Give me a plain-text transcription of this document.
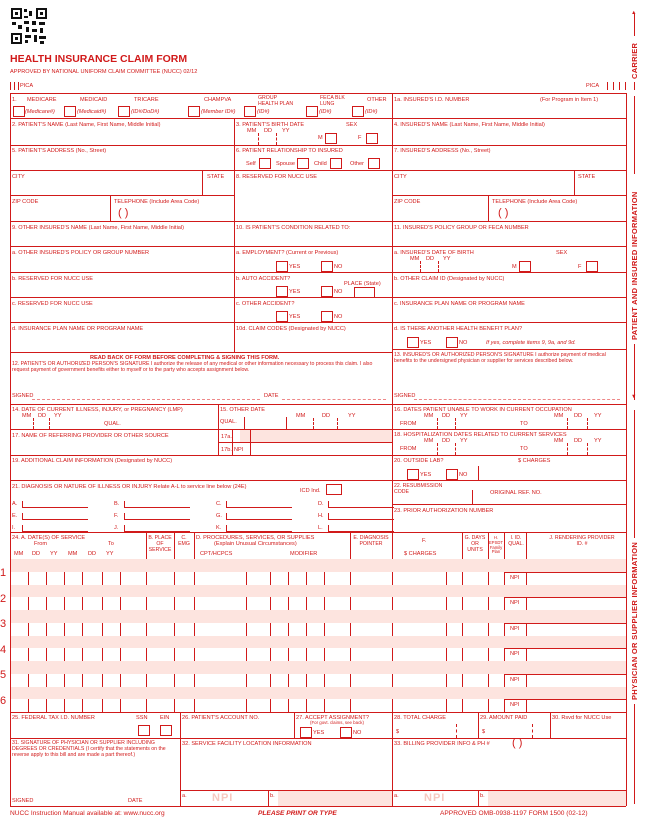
HEALTH INSURANCE CLAIM FORM
APPROVED BY NATIONAL UNIFORM CLAIM COMMITTEE (NUCC) 02/12
PICA	PICA
CARRIER
▲
PATIENT AND INSURED INFORMATION
▼
PHYSICIAN OR SUPPLIER INFORMATION
1. MEDICARE
(Medicare#)
MEDICAID
(Medicaid#)
TRICARE
(ID#/DoD#)
CHAMPVA
(Member ID#)
GROUP HEALTH PLAN
(ID#)
FECA BLK LUNG
(ID#)
OTHER
(ID#)
1a. INSURED'S I.D. NUMBER	(For Program in Item 1)
2. PATIENT'S NAME (Last Name, First Name, Middle Initial)	3. PATIENT'S BIRTH DATE
MM DD YY
SEX
M	F
4. INSURED'S NAME (Last Name, First Name, Middle Initial)
5. PATIENT'S ADDRESS (No., Street)	6. PATIENT RELATIONSHIP TO INSURED
Self	Spouse	Child	Other
7. INSURED'S ADDRESS (No., Street)
CITY	STATE 8. RESERVED FOR NUCC USE	CITY	STATE
ZIP CODE	TELEPHONE (Include Area Code)
( )
ZIP CODE	TELEPHONE (Include Area Code)
( )
9. OTHER INSURED'S NAME (Last Name, First Name, Middle Initial)
a. OTHER INSURED'S POLICY OR GROUP NUMBER
b. RESERVED FOR NUCC USE
c. RESERVED FOR NUCC USE
d. INSURANCE PLAN NAME OR PROGRAM NAME
10. IS PATIENT'S CONDITION RELATED TO:
a. EMPLOYMENT? (Current or Previous)
YES	NO
b. AUTO ACCIDENT?
PLACE (State)
YES	NO
c. OTHER ACCIDENT?
YES	NO
10d. CLAIM CODES (Designated by NUCC)
11. INSURED'S POLICY GROUP OR FECA NUMBER
a. INSURED'S DATE OF BIRTH
MM DD YY
SEX
M	F
b. OTHER CLAIM ID (Designated by NUCC)
c. INSURANCE PLAN NAME OR PROGRAM NAME
d. IS THERE ANOTHER HEALTH BENEFIT PLAN?
YES	NO	If yes, complete items 9, 9a, and 9d.
READ BACK OF FORM BEFORE COMPLETING & SIGNING THIS FORM.
12. PATIENT'S OR AUTHORIZED PERSON'S SIGNATURE I authorize the release of any medical or other information necessary to process this claim. I also request payment of government benefits either to myself or to the party who accepts assignment below.
SIGNED	DATE
13. INSURED'S OR AUTHORIZED PERSON'S SIGNATURE I authorize payment of medical benefits to the undersigned physician or supplier for services described below.
SIGNED
14. DATE OF CURRENT ILLNESS, INJURY, or PREGNANCY (LMP)
MM DD YY
QUAL.
15. OTHER DATE
QUAL.
MM	DD	YY
16. DATES PATIENT UNABLE TO WORK IN CURRENT OCCUPATION
MM DD YY	MM DD YY
FROM	TO
17. NAME OF REFERRING PROVIDER OR OTHER SOURCE	17a.
17b. NPI
18. HOSPITALIZATION DATES RELATED TO CURRENT SERVICES
MM DD YY	MM DD YY
FROM	TO
19. ADDITIONAL CLAIM INFORMATION (Designated by NUCC)	20. OUTSIDE LAB?	$ CHARGES
YES	NO
21. DIAGNOSIS OR NATURE OF ILLNESS OR INJURY Relate A-L to service line below (24E)
ICD Ind.
A.	B.	C.	D.
E.	F.	G.	H.
I.	J.	K.	L.
22. RESUBMISSION CODE	ORIGINAL REF. NO.
23. PRIOR AUTHORIZATION NUMBER
24. A. DATE(S) OF SERVICE
From	To
MM DD YY MM DD YY
B. PLACE OF SERVICE
C. EMG
D. PROCEDURES, SERVICES, OR SUPPLIES
(Explain Unusual Circumstances)
CPT/HCPCS	MODIFIER
E. DIAGNOSIS POINTER	F.
$ CHARGES
G. DAYS OR UNITS
H. EPSDT Family Plan
I. ID. QUAL.
J. RENDERING PROVIDER ID. #
1	NPI
2	NPI
3	NPI
4	NPI
5	NPI
6	NPI
25. FEDERAL TAX I.D. NUMBER	SSN EIN 26. PATIENT'S ACCOUNT NO.	27. ACCEPT ASSIGNMENT?
(For govt. claims, see back)
YES	NO
28. TOTAL CHARGE
$
29. AMOUNT PAID
$
30. Rsvd for NUCC Use
31. SIGNATURE OF PHYSICIAN OR SUPPLIER INCLUDING DEGREES OR CREDENTIALS (I certify that the statements on the reverse apply to this bill and are made a part thereof.)
SIGNED	DATE
32. SERVICE FACILITY LOCATION INFORMATION
a. NPI	b.
33. BILLING PROVIDER INFO & PH # ( )
a. NPI	b.
NUCC Instruction Manual available at: www.nucc.org	PLEASE PRINT OR TYPE	APPROVED OMB-0938-1197 FORM 1500 (02-12)
